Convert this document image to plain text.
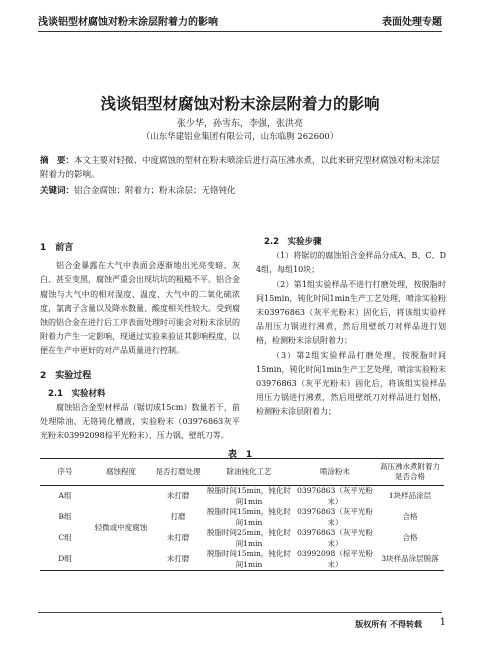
浅谈铝型材腐蚀对粉末涂层附着力的影响	表面处理专题
浅谈铝型材腐蚀对粉末涂层附着力的影响
张少华，孙雪东，李强，张洪亮
（山东华建铝业集团有限公司，山东临朐 262600）
摘　要：本文主要对轻微、中度腐蚀的型材在粉末喷涂后进行高压沸水煮，以此来研究型材腐蚀对粉末涂层附着力的影响。
关键词：铝合金腐蚀；附着力；粉末涂层；无铬钝化
1　前言

铝合金暴露在大气中表面会逐渐地出光亮变暗、灰白、甚至变黑，腐蚀严重会出现坑坑的粗糙不平。铝合金腐蚀与大气中的相对湿度、温度、大气中的二氧化硫浓度，氯离子含量以及降水数量、酸度相关性较大。受到腐蚀的铝合金在进行后工序表面处理时可能会对粉末涂层的附着力产生一定影响，现通过实验来验证其影响程度，以便在生产中更好的对产品质量进行控制。

2　实验过程
2.1　实验材料

腐蚀铝合金型材样品（锯切成15cm）数量若干，前处理除油、无铬钝化槽液，实验粉末（03976863灰平光粉末03992098棕平光粉末）、压力锅、壁纸刀等。

2.2　实验步骤

（1）将锯切的腐蚀铝合金样品分成A、B、C、D 4组，每组10块；

（2）第1组实验样品不进行打磨处理，按脱脂时间15min，钝化时间1min生产工艺处理，喷涂实验粉末03976863（灰平光粉末）固化后，将该组实验样品用压力锅进行沸煮，然后用壁纸刀对样品进行划格，检测粉末涂层附着力；

（3）第2组实验样品打磨处理，按脱脂时间15min，钝化时间1min生产工艺处理，喷涂实验粉末03976863（灰平光粉末）固化后，将该组实验样品用压力锅进行沸煮，然后用壁纸刀对样品进行划格，检测粉末涂层附着力；

表　1
序号	腐蚀程度	是否打磨处理	除油钝化工艺	喷涂粉末	高压沸水煮附着力是否合格
A组	轻微或中度腐蚀	未打磨	脱脂时间15min，钝化时间1min	03976863（灰平光粉末）	1块样品涂层
B组		打磨	脱脂时间15min，钝化时间1min	03976863（灰平光粉末）	合格
C组		未打磨	脱脂时间25min，钝化时间1min	03976863（灰平光粉末）	合格
D组		未打磨	脱脂时间15min，钝化时间1min	03992098（棕平光粉末）	3块样品涂层脱落
版权所有 不得转载 1
